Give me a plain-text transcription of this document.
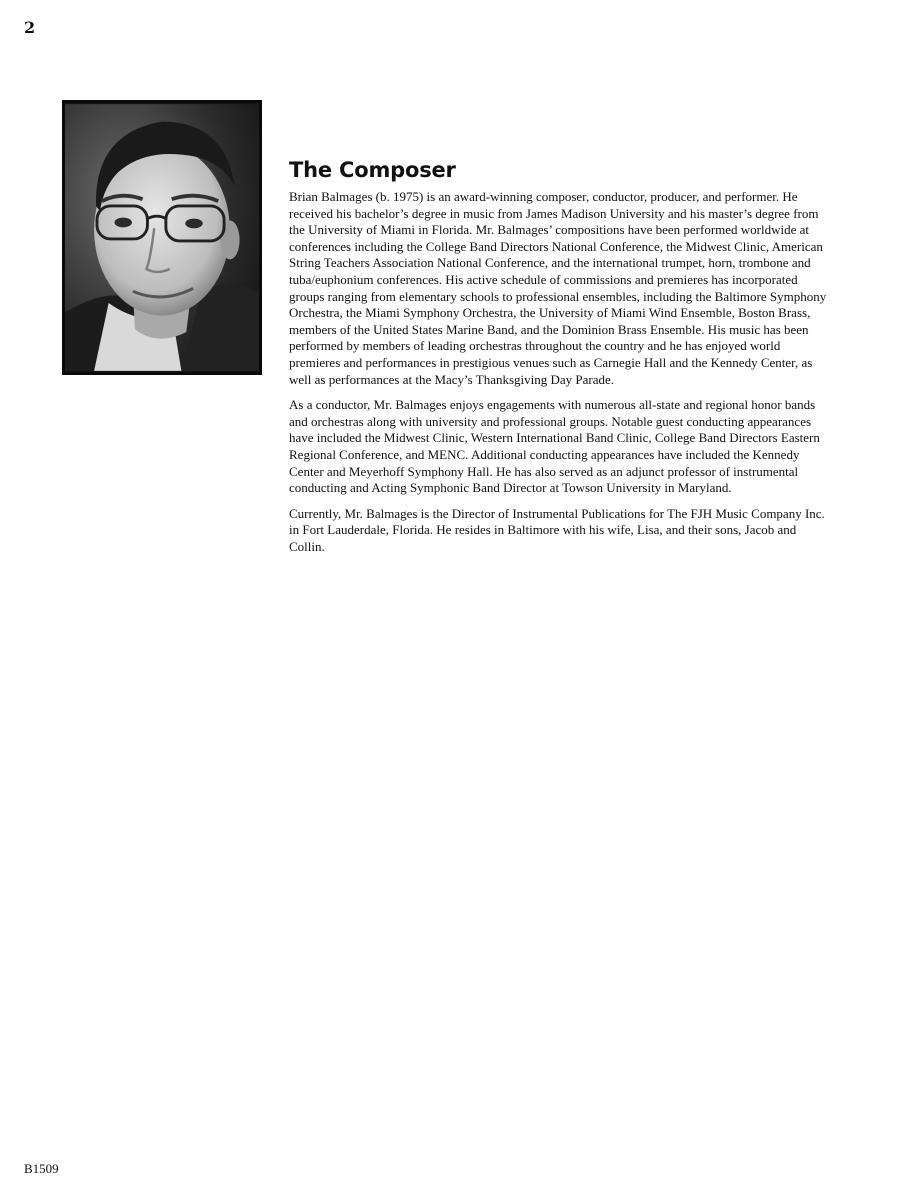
2
The Composer

Brian Balmages (b. 1975) is an award-winning composer, conductor, producer, and performer. He received his bachelor’s degree in music from James Madison University and his master’s degree from the University of Miami in Florida. Mr. Balmages’ compositions have been performed worldwide at conferences including the College Band Directors National Conference, the Midwest Clinic, American String Teachers Association National Conference, and the international trumpet, horn, trombone and tuba/euphonium conferences. His active schedule of commissions and premieres has incorporated groups ranging from elementary schools to professional ensembles, including the Baltimore Symphony Orchestra, the Miami Symphony Orchestra, the University of Miami Wind Ensemble, Boston Brass, members of the United States Marine Band, and the Dominion Brass Ensemble. His music has been performed by members of leading orchestras throughout the country and he has enjoyed world premieres and performances in prestigious venues such as Carnegie Hall and the Kennedy Center, as well as performances at the Macy’s Thanksgiving Day Parade.

As a conductor, Mr. Balmages enjoys engagements with numerous all-state and regional honor bands and orchestras along with university and professional groups. Notable guest conducting appearances have included the Midwest Clinic, Western International Band Clinic, College Band Directors Eastern Regional Conference, and MENC. Additional conducting appearances have included the Kennedy Center and Meyerhoff Symphony Hall. He has also served as an adjunct professor of instrumental conducting and Acting Symphonic Band Director at Towson University in Maryland.

Currently, Mr. Balmages is the Director of Instrumental Publications for The FJH Music Company Inc. in Fort Lauderdale, Florida. He resides in Baltimore with his wife, Lisa, and their sons, Jacob and Collin.

B1509
